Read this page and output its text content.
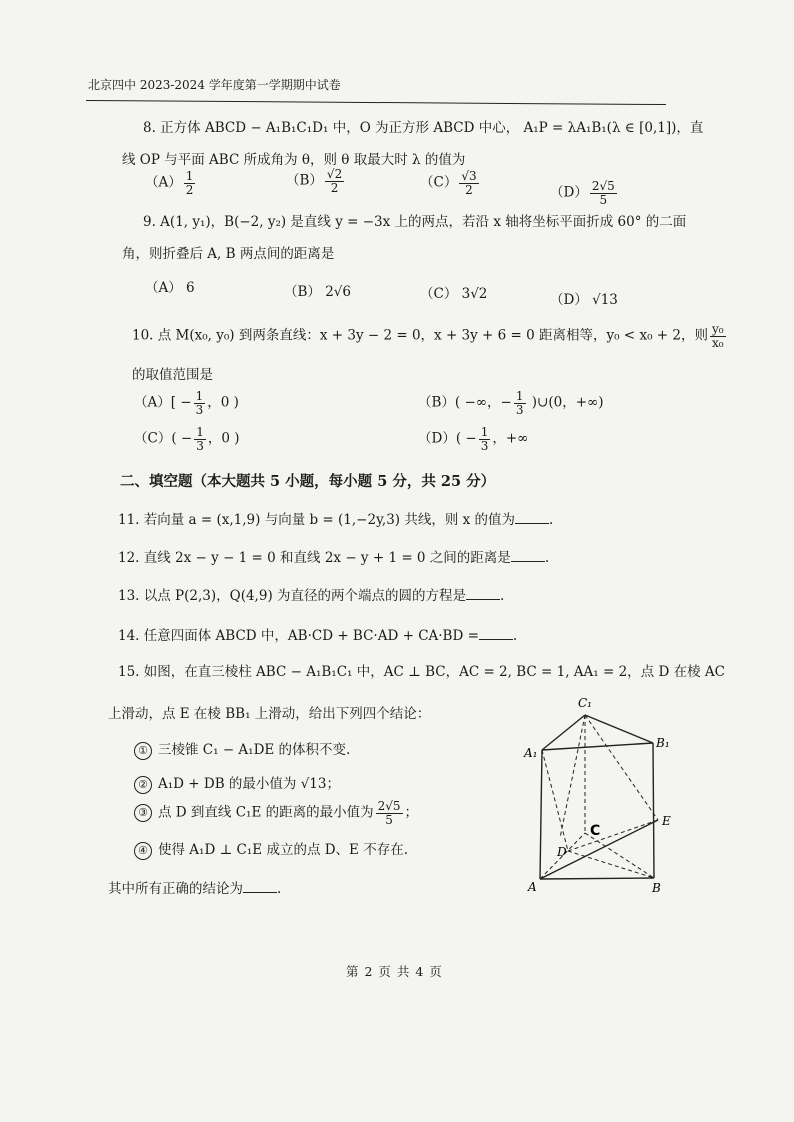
北京四中 2023-2024 学年度第一学期期中试卷
8. 正方体 ABCD − A₁B₁C₁D₁ 中，O 为正方形 ABCD 中心， A₁P = λA₁B₁(λ ∈ [0,1])，直
线 OP 与平面 ABC 所成角为 θ，则 θ 取最大时 λ 的值为
$(A) \frac{1}{2}$	$(B) \frac{√2}{2}$	$(C) \frac{√3}{2}$	$(D) \frac{2√5}{5}$
9. A(1, y₁)，B(−2, y₂) 是直线 y = −3x 上的两点，若沿 x 轴将坐标平面折成 60° 的二面
角，则折叠后 A, B 两点间的距离是
（A） 6	（B） 2√6	（C） 3√2	（D） √13
10. 点 M(x₀, y₀) 到两条直线：x + 3y − 2 = 0，x + 3y + 6 = 0 距离相等，y₀ < x₀ + 2，则 $\frac{\text{y₀}}{\text{x₀}}$
的取值范围是
$(A)[ - \frac{1}{3}$ ，0 )	（B）( −∞，− $\frac{1}{3}$ )∪(0，+∞)
$(C)( - \frac{1}{3}$ ，0 )	$(D)( - \frac{1}{3}$ ，+∞
二、填空题（本大题共 5 小题，每小题 5 分，共 25 分）
11. 若向量 a = (x,1,9) 与向量 b = (1,−2y,3) 共线，则 x 的值为	.
12. 直线 2x − y − 1 = 0 和直线 2x − y + 1 = 0 之间的距离是	.
13. 以点 P(2,3)，Q(4,9) 为直径的两个端点的圆的方程是	.
14. 任意四面体 ABCD 中，AB·CD + BC·AD + CA·BD =	.
15. 如图，在直三棱柱 ABC − A₁B₁C₁ 中，AC ⊥ BC，AC = 2, BC = 1, AA₁ = 2，点 D 在棱 AC
上滑动，点 E 在棱 BB₁ 上滑动，给出下列四个结论：
① 三棱锥 C₁ − A₁DE 的体积不变.
② A₁D + DB 的最小值为 √13；
③ 点 D 到直线 C₁E 的距离的最小值为 $\frac{2√5}{5}$ ；
④ 使得 A₁D ⊥ C₁E 成立的点 D、E 不存在.
其中所有正确的结论为	.
C₁
A₁
B₁
E
C
D
A	B
第 2 页 共 4 页
